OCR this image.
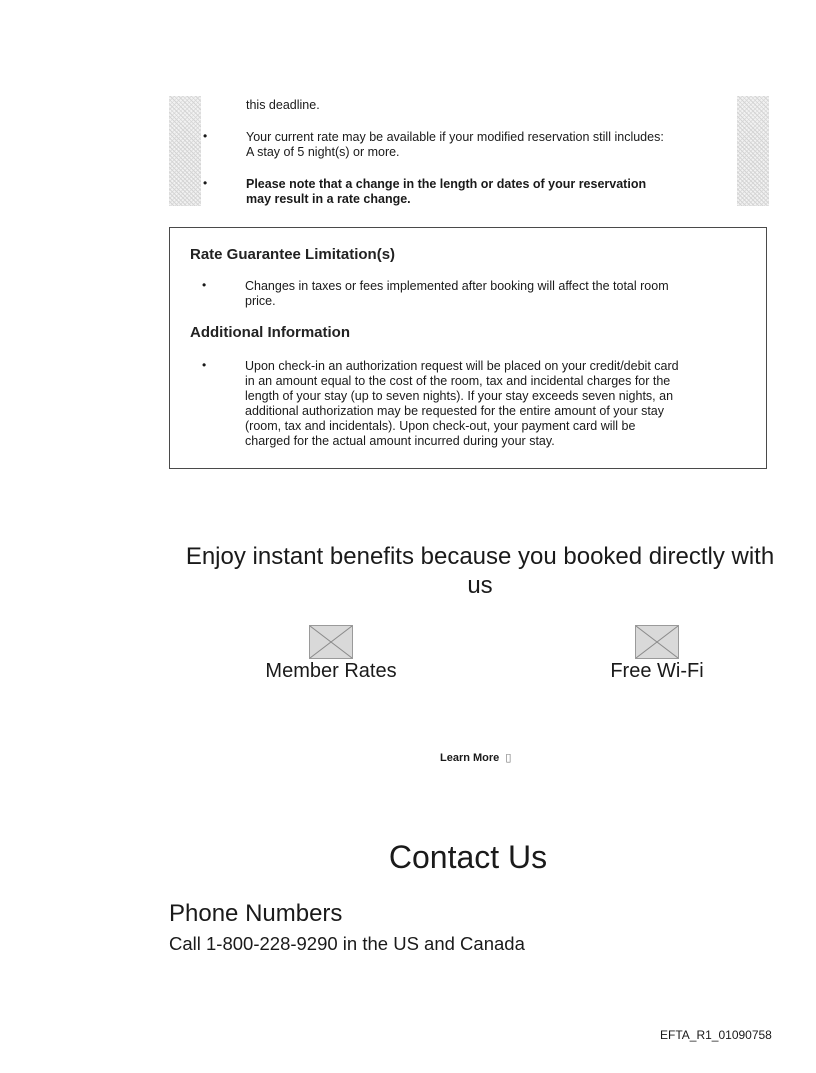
this deadline.
•	Your current rate may be available if your modified reservation still includes:
A stay of 5 night(s) or more.
•	Please note that a change in the length or dates of your reservation
may result in a rate change.
Rate Guarantee Limitation(s)
•	Changes in taxes or fees implemented after booking will affect the total room
price.
Additional Information
•	Upon check-in an authorization request will be placed on your credit/debit card
in an amount equal to the cost of the room, tax and incidental charges for the
length of your stay (up to seven nights). If your stay exceeds seven nights, an
additional authorization may be requested for the entire amount of your stay
(room, tax and incidentals). Upon check-out, your payment card will be
charged for the actual amount incurred during your stay.
Enjoy instant benefits because you booked directly with
us
Member Rates	Free Wi-Fi
Learn More ▯
Contact Us
Phone Numbers
Call 1-800-228-9290 in the US and Canada
EFTA_R1_01090758
